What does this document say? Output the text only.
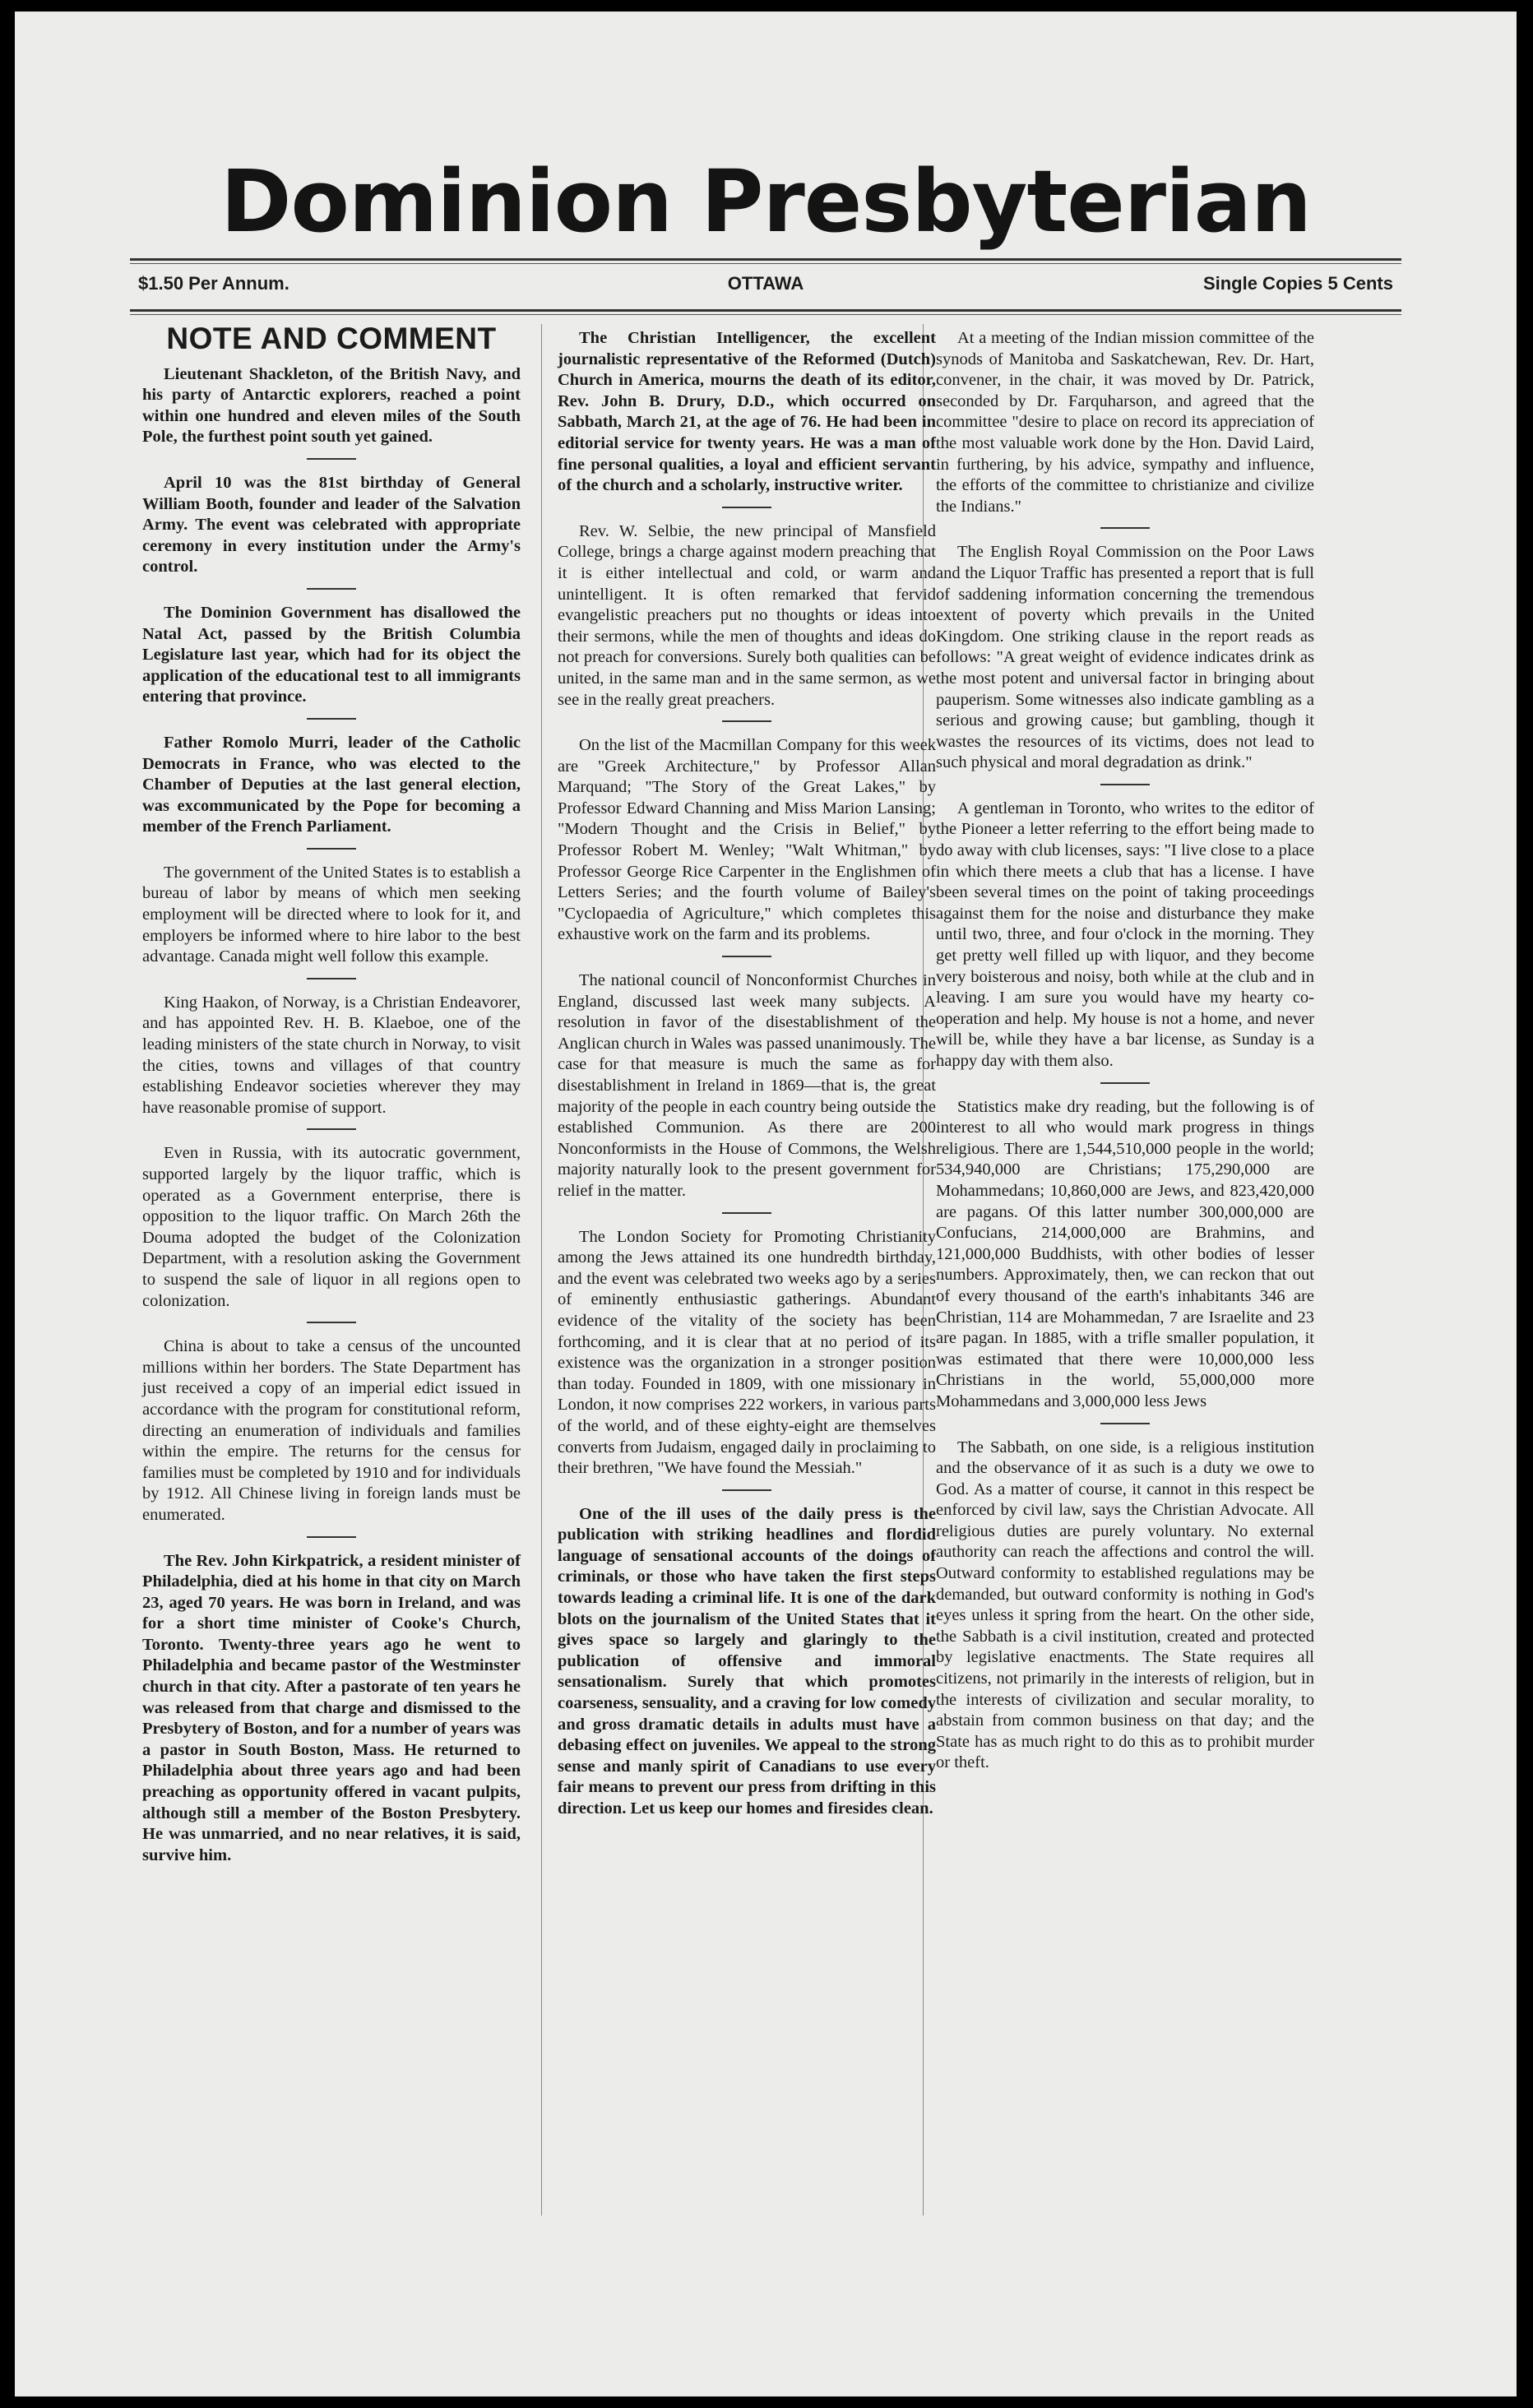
Dominion Presbyterian
$1.50 Per Annum.	OTTAWA	Single Copies 5 Cents
NOTE AND COMMENT

Lieutenant Shackleton, of the British Navy, and his party of Antarctic explorers, reached a point within one hundred and eleven miles of the South Pole, the furthest point south yet gained.

April 10 was the 81st birthday of General William Booth, founder and leader of the Salvation Army. The event was celebrated with appropriate ceremony in every institution under the Army's control.

The Dominion Government has disallowed the Natal Act, passed by the British Columbia Legislature last year, which had for its object the application of the educational test to all immigrants entering that province.

Father Romolo Murri, leader of the Catholic Democrats in France, who was elected to the Chamber of Deputies at the last general election, was excommunicated by the Pope for becoming a member of the French Parliament.

The government of the United States is to establish a bureau of labor by means of which men seeking employment will be directed where to look for it, and employers be informed where to hire labor to the best advantage. Canada might well follow this example.

King Haakon, of Norway, is a Christian Endeavorer, and has appointed Rev. H. B. Klaeboe, one of the leading ministers of the state church in Norway, to visit the cities, towns and villages of that country establishing Endeavor societies wherever they may have reasonable promise of support.

Even in Russia, with its autocratic government, supported largely by the liquor traffic, which is operated as a Government enterprise, there is opposition to the liquor traffic. On March 26th the Douma adopted the budget of the Colonization Department, with a resolution asking the Government to suspend the sale of liquor in all regions open to colonization.

China is about to take a census of the uncounted millions within her borders. The State Department has just received a copy of an imperial edict issued in accordance with the program for constitutional reform, directing an enumeration of individuals and families within the empire. The returns for the census for families must be completed by 1910 and for individuals by 1912. All Chinese living in foreign lands must be enumerated.

The Rev. John Kirkpatrick, a resident minister of Philadelphia, died at his home in that city on March 23, aged 70 years. He was born in Ireland, and was for a short time minister of Cooke's Church, Toronto. Twenty-three years ago he went to Philadelphia and became pastor of the Westminster church in that city. After a pastorate of ten years he was released from that charge and dismissed to the Presbytery of Boston, and for a number of years was a pastor in South Boston, Mass. He returned to Philadelphia about three years ago and had been preaching as opportunity offered in vacant pulpits, although still a member of the Boston Presbytery. He was unmarried, and no near relatives, it is said, survive him.

The Christian Intelligencer, the excellent journalistic representative of the Reformed (Dutch) Church in America, mourns the death of its editor, Rev. John B. Drury, D.D., which occurred on Sabbath, March 21, at the age of 76. He had been in editorial service for twenty years. He was a man of fine personal qualities, a loyal and efficient servant of the church and a scholarly, instructive writer.

Rev. W. Selbie, the new principal of Mansfield College, brings a charge against modern preaching that it is either intellectual and cold, or warm and unintelligent. It is often remarked that fervid evangelistic preachers put no thoughts or ideas into their sermons, while the men of thoughts and ideas do not preach for conversions. Surely both qualities can be united, in the same man and in the same sermon, as we see in the really great preachers.

On the list of the Macmillan Company for this week are "Greek Architecture," by Professor Allan Marquand; "The Story of the Great Lakes," by Professor Edward Channing and Miss Marion Lansing; "Modern Thought and the Crisis in Belief," by Professor Robert M. Wenley; "Walt Whitman," by Professor George Rice Carpenter in the Englishmen of Letters Series; and the fourth volume of Bailey's "Cyclopaedia of Agriculture," which completes this exhaustive work on the farm and its problems.

The national council of Nonconformist Churches in England, discussed last week many subjects. A resolution in favor of the disestablishment of the Anglican church in Wales was passed unanimously. The case for that measure is much the same as for disestablishment in Ireland in 1869—that is, the great majority of the people in each country being outside the established Communion. As there are 200 Nonconformists in the House of Commons, the Welsh majority naturally look to the present government for relief in the matter.

The London Society for Promoting Christianity among the Jews attained its one hundredth birthday, and the event was celebrated two weeks ago by a series of eminently enthusiastic gatherings. Abundant evidence of the vitality of the society has been forthcoming, and it is clear that at no period of its existence was the organization in a stronger position than today. Founded in 1809, with one missionary in London, it now comprises 222 workers, in various parts of the world, and of these eighty-eight are themselves converts from Judaism, engaged daily in proclaiming to their brethren, "We have found the Messiah."

One of the ill uses of the daily press is the publication with striking headlines and flordid language of sensational accounts of the doings of criminals, or those who have taken the first steps towards leading a criminal life. It is one of the dark blots on the journalism of the United States that it gives space so largely and glaringly to the publication of offensive and immoral sensationalism. Surely that which promotes coarseness, sensuality, and a craving for low comedy and gross dramatic details in adults must have a debasing effect on juveniles. We appeal to the strong sense and manly spirit of Canadians to use every fair means to prevent our press from drifting in this direction. Let us keep our homes and firesides clean.

At a meeting of the Indian mission committee of the synods of Manitoba and Saskatchewan, Rev. Dr. Hart, convener, in the chair, it was moved by Dr. Patrick, seconded by Dr. Farquharson, and agreed that the committee "desire to place on record its appreciation of the most valuable work done by the Hon. David Laird, in furthering, by his advice, sympathy and influence, the efforts of the committee to christianize and civilize the Indians."

The English Royal Commission on the Poor Laws and the Liquor Traffic has presented a report that is full of saddening information concerning the tremendous extent of poverty which prevails in the United Kingdom. One striking clause in the report reads as follows: "A great weight of evidence indicates drink as the most potent and universal factor in bringing about pauperism. Some witnesses also indicate gambling as a serious and growing cause; but gambling, though it wastes the resources of its victims, does not lead to such physical and moral degradation as drink."

A gentleman in Toronto, who writes to the editor of the Pioneer a letter referring to the effort being made to do away with club licenses, says: "I live close to a place in which there meets a club that has a license. I have been several times on the point of taking proceedings against them for the noise and disturbance they make until two, three, and four o'clock in the morning. They get pretty well filled up with liquor, and they become very boisterous and noisy, both while at the club and in leaving. I am sure you would have my hearty co-operation and help. My house is not a home, and never will be, while they have a bar license, as Sunday is a happy day with them also.

Statistics make dry reading, but the following is of interest to all who would mark progress in things religious. There are 1,544,510,000 people in the world; 534,940,000 are Christians; 175,290,000 are Mohammedans; 10,860,000 are Jews, and 823,420,000 are pagans. Of this latter number 300,000,000 are Confucians, 214,000,000 are Brahmins, and 121,000,000 Buddhists, with other bodies of lesser numbers. Approximately, then, we can reckon that out of every thousand of the earth's inhabitants 346 are Christian, 114 are Mohammedan, 7 are Israelite and 23 are pagan. In 1885, with a trifle smaller population, it was estimated that there were 10,000,000 less Christians in the world, 55,000,000 more Mohammedans and 3,000,000 less Jews

The Sabbath, on one side, is a religious institution and the observance of it as such is a duty we owe to God. As a matter of course, it cannot in this respect be enforced by civil law, says the Christian Advocate. All religious duties are purely voluntary. No external authority can reach the affections and control the will. Outward conformity to established regulations may be demanded, but outward conformity is nothing in God's eyes unless it spring from the heart. On the other side, the Sabbath is a civil institution, created and protected by legislative enactments. The State requires all citizens, not primarily in the interests of religion, but in the interests of civilization and secular morality, to abstain from common business on that day; and the State has as much right to do this as to prohibit murder or theft.
